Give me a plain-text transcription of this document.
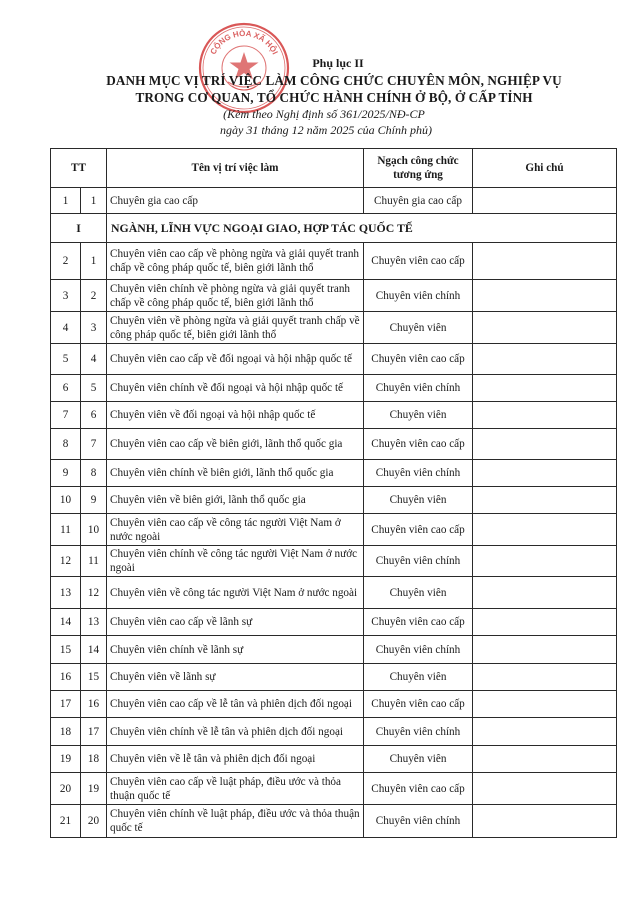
CỘNG HÒA XÃ HỘI
Phụ lục II
DANH MỤC VỊ TRÍ VIỆC LÀM CÔNG CHỨC CHUYÊN MÔN, NGHIỆP VỤ
TRONG CƠ QUAN, TỔ CHỨC HÀNH CHÍNH Ở BỘ, Ở CẤP TỈNH
(Kèm theo Nghị định số 361/2025/NĐ-CP
ngày 31 tháng 12 năm 2025 của Chính phủ)
TT		Tên vị trí việc làm	Ngạch công chức tương ứng	Ghi chú
1	1	Chuyên gia cao cấp	Chuyên gia cao cấp	
I		NGÀNH, LĨNH VỰC NGOẠI GIAO, HỢP TÁC QUỐC TẾ		
2	1	Chuyên viên cao cấp về phòng ngừa và giải quyết tranh chấp về công pháp quốc tế, biên giới lãnh thổ	Chuyên viên cao cấp	
3	2	Chuyên viên chính về phòng ngừa và giải quyết tranh chấp về công pháp quốc tế, biên giới lãnh thổ	Chuyên viên chính	
4	3	Chuyên viên về phòng ngừa và giải quyết tranh chấp về công pháp quốc tế, biên giới lãnh thổ	Chuyên viên	
5	4	Chuyên viên cao cấp về đối ngoại và hội nhập quốc tế	Chuyên viên cao cấp	
6	5	Chuyên viên chính về đối ngoại và hội nhập quốc tế	Chuyên viên chính	
7	6	Chuyên viên về đối ngoại và hội nhập quốc tế	Chuyên viên	
8	7	Chuyên viên cao cấp về biên giới, lãnh thổ quốc gia	Chuyên viên cao cấp	
9	8	Chuyên viên chính về biên giới, lãnh thổ quốc gia	Chuyên viên chính	
10	9	Chuyên viên về biên giới, lãnh thổ quốc gia	Chuyên viên	
11	10	Chuyên viên cao cấp về công tác người Việt Nam ở nước ngoài	Chuyên viên cao cấp	
12	11	Chuyên viên chính về công tác người Việt Nam ở nước ngoài	Chuyên viên chính	
13	12	Chuyên viên về công tác người Việt Nam ở nước ngoài	Chuyên viên	
14	13	Chuyên viên cao cấp về lãnh sự	Chuyên viên cao cấp	
15	14	Chuyên viên chính về lãnh sự	Chuyên viên chính	
16	15	Chuyên viên về lãnh sự	Chuyên viên	
17	16	Chuyên viên cao cấp về lễ tân và phiên dịch đối ngoại	Chuyên viên cao cấp	
18	17	Chuyên viên chính về lễ tân và phiên dịch đối ngoại	Chuyên viên chính	
19	18	Chuyên viên về lễ tân và phiên dịch đối ngoại	Chuyên viên	
20	19	Chuyên viên cao cấp về luật pháp, điều ước và thỏa thuận quốc tế	Chuyên viên cao cấp	
21	20	Chuyên viên chính về luật pháp, điều ước và thỏa thuận quốc tế	Chuyên viên chính	
